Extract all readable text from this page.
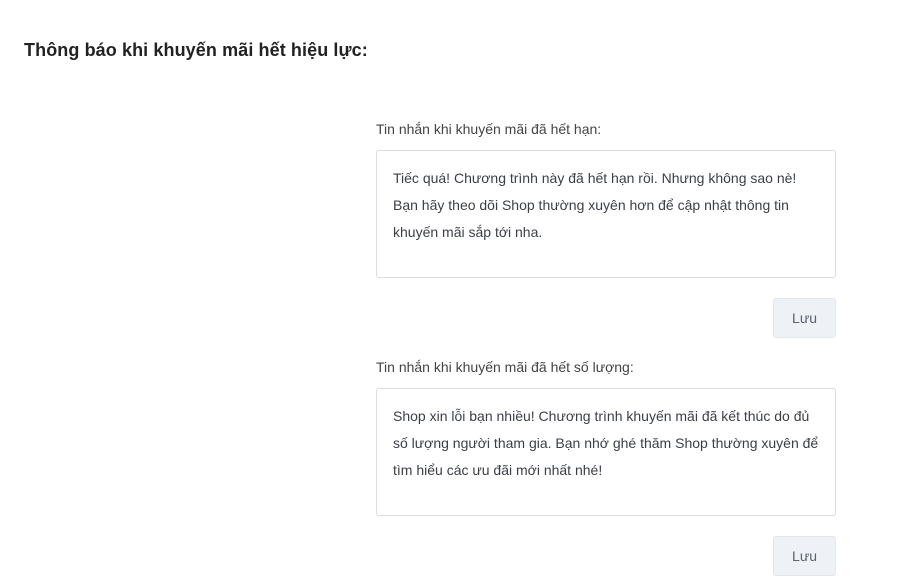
Thông báo khi khuyến mãi hết hiệu lực:
Tin nhắn khi khuyến mãi đã hết hạn:
Tiếc quá! Chương trình này đã hết hạn rồi. Nhưng không sao nè! Bạn hãy theo dõi Shop thường xuyên hơn để cập nhật thông tin khuyến mãi sắp tới nha.
Lưu
Tin nhắn khi khuyến mãi đã hết số lượng:
Shop xin lỗi bạn nhiều! Chương trình khuyến mãi đã kết thúc do đủ số lượng người tham gia. Bạn nhớ ghé thăm Shop thường xuyên để tìm hiểu các ưu đãi mới nhất nhé!
Lưu
